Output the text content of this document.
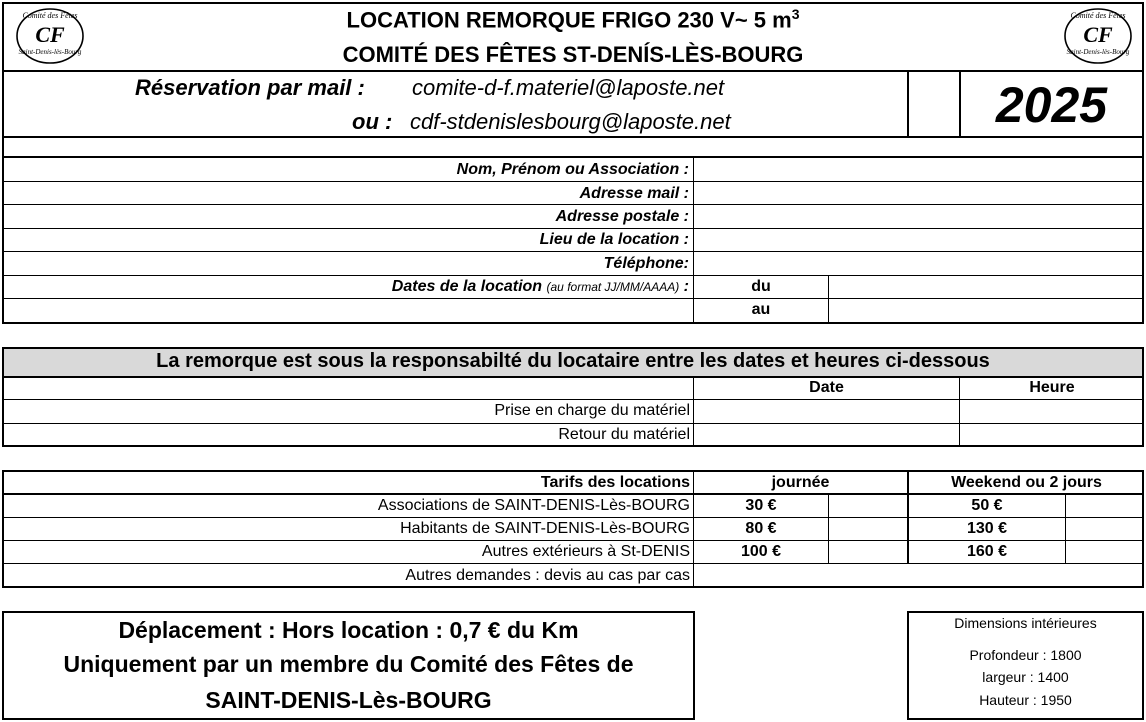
Comité des Fêtes
CF
Saint-Denis-lès-Bourg
Comité des Fêtes
CF
Saint-Denis-lès-Bourg
LOCATION REMORQUE FRIGO 230 V~ 5 $m^3$
COMITÉ DES FÊTES ST-DENÍS-LÈS-BOURG
Réservation par mail : comite-d-f.materiel@laposte.net
ou : cdf-stdenislesbourg@laposte.net	2025
Nom, Prénom ou Association :
Adresse mail :
Adresse postale :
Lieu de la location :
Téléphone:
Dates de la location (au format JJ/MM/AAAA) :	du
au
La remorque est sous la responsabilté du locataire entre les dates et heures ci-dessous
Date	Heure
Prise en charge du matériel
Retour du matériel
Tarifs des locations	journée	Weekend ou 2 jours
Associations de SAINT-DENIS-Lès-BOURG	30 €	50 €
Habitants de SAINT-DENIS-Lès-BOURG	80 €	130 €
Autres extérieurs à St-DENIS	100 €	160 €
Autres demandes : devis au cas par cas
Déplacement : Hors location : 0,7 € du Km
Uniquement par un membre du Comité des Fêtes de
SAINT-DENIS-Lès-BOURG
Dimensions intérieures
Profondeur : 1800
largeur : 1400
Hauteur : 1950
